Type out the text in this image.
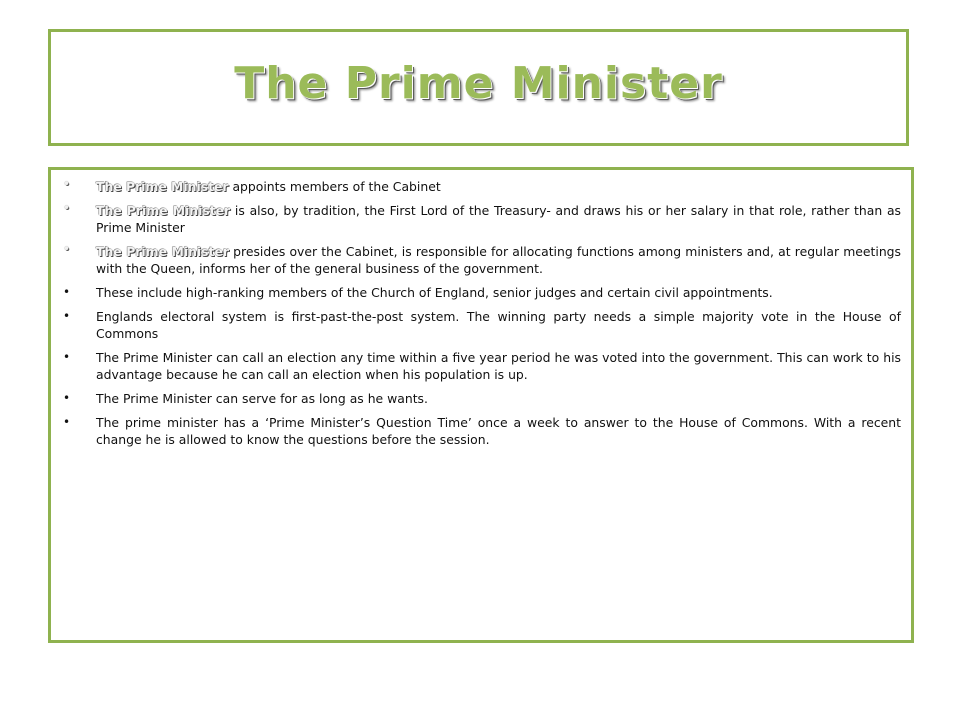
The Prime Minister
• The Prime Minister appoints members of the Cabinet
• The Prime Minister is also, by tradition, the First Lord of the Treasury- and draws his or her salary in that role, rather than as Prime Minister
• The Prime Minister presides over the Cabinet, is responsible for allocating functions among ministers and, at regular meetings with the Queen, informs her of the general business of the government.
• These include high-ranking members of the Church of England, senior judges and certain civil appointments.
• Englands electoral system is first-past-the-post system. The winning party needs a simple majority vote in the House of Commons
• The Prime Minister can call an election any time within a five year period he was voted into the government. This can work to his advantage because he can call an election when his population is up.
• The Prime Minister can serve for as long as he wants.
• The prime minister has a ‘Prime Minister’s Question Time’ once a week to answer to the House of Commons. With a recent change he is allowed to know the questions before the session.
